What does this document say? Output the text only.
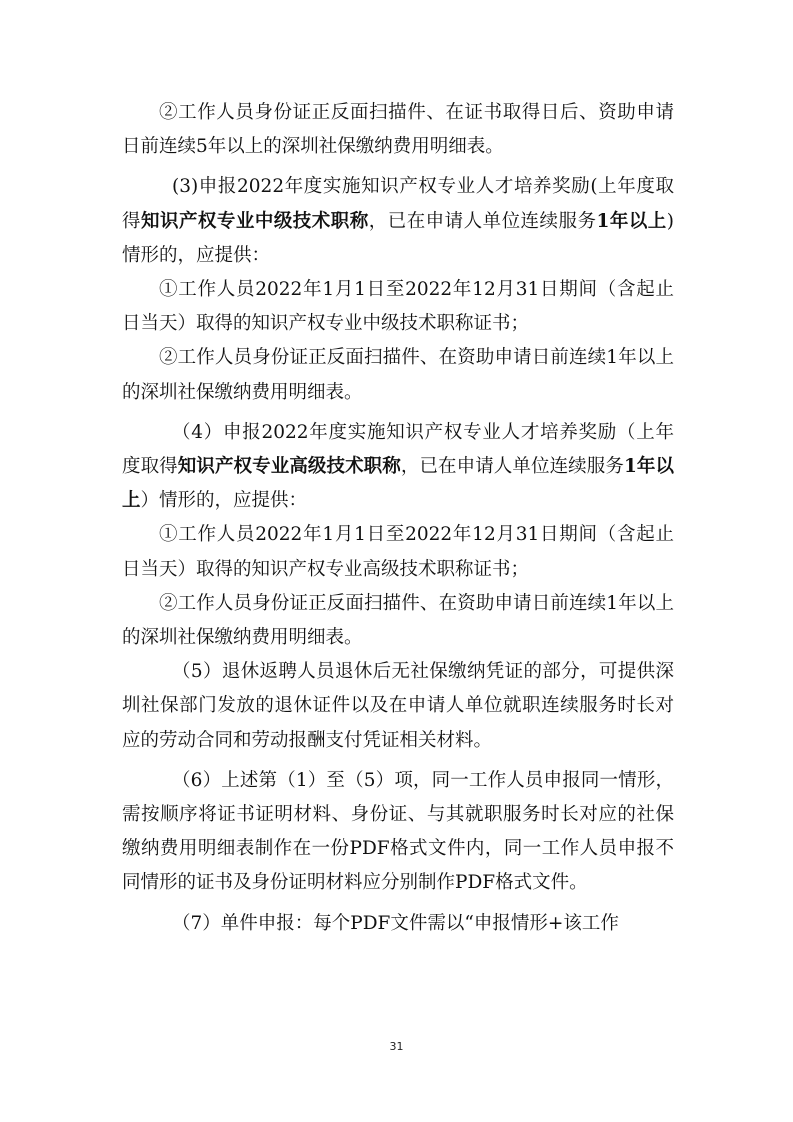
②工作人员身份证正反面扫描件、在证书取得日后、资助申请日前连续5年以上的深圳社保缴纳费用明细表。

(3)申报2022年度实施知识产权专业人才培养奖励(上年度取得知识产权专业中级技术职称，已在申请人单位连续服务1年以上)情形的，应提供：

①工作人员2022年1月1日至2022年12月31日期间（含起止日当天）取得的知识产权专业中级技术职称证书；

②工作人员身份证正反面扫描件、在资助申请日前连续1年以上的深圳社保缴纳费用明细表。

（4）申报2022年度实施知识产权专业人才培养奖励（上年度取得知识产权专业高级技术职称，已在申请人单位连续服务1年以上）情形的，应提供：

①工作人员2022年1月1日至2022年12月31日期间（含起止日当天）取得的知识产权专业高级技术职称证书；

②工作人员身份证正反面扫描件、在资助申请日前连续1年以上的深圳社保缴纳费用明细表。

（5）退休返聘人员退休后无社保缴纳凭证的部分，可提供深圳社保部门发放的退休证件以及在申请人单位就职连续服务时长对应的劳动合同和劳动报酬支付凭证相关材料。

（6）上述第（1）至（5）项，同一工作人员申报同一情形，需按顺序将证书证明材料、身份证、与其就职服务时长对应的社保缴纳费用明细表制作在一份PDF格式文件内，同一工作人员申报不同情形的证书及身份证明材料应分别制作PDF格式文件。

（7）单件申报：每个PDF文件需以“申报情形+该工作

31
